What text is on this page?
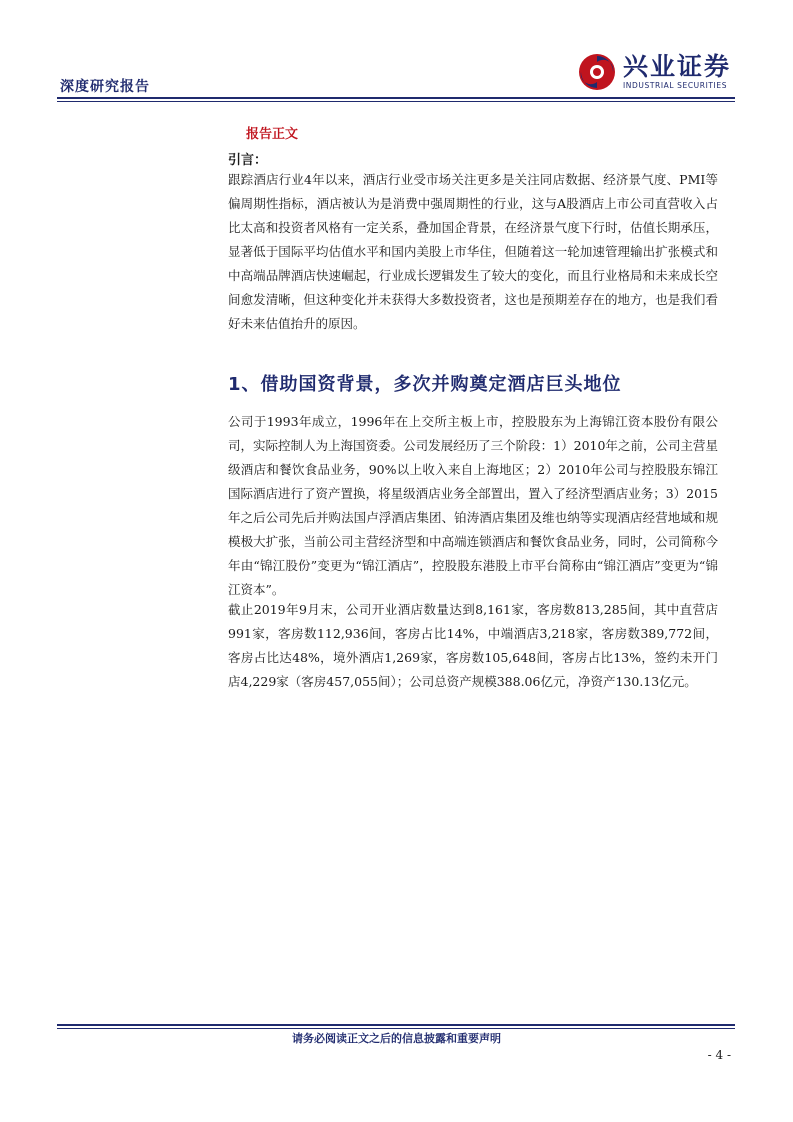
深度研究报告
兴业证券
INDUSTRIAL SECURITIES
报告正文
引言：
跟踪酒店行业4年以来，酒店行业受市场关注更多是关注同店数据、经济景气度、PMI等偏周期性指标，酒店被认为是消费中强周期性的行业，这与A股酒店上市公司直营收入占比太高和投资者风格有一定关系，叠加国企背景，在经济景气度下行时，估值长期承压，显著低于国际平均估值水平和国内美股上市华住，但随着这一轮加速管理输出扩张模式和中高端品牌酒店快速崛起，行业成长逻辑发生了较大的变化，而且行业格局和未来成长空间愈发清晰，但这种变化并未获得大多数投资者，这也是预期差存在的地方，也是我们看好未来估值抬升的原因。
1、借助国资背景，多次并购奠定酒店巨头地位
公司于1993年成立，1996年在上交所主板上市，控股股东为上海锦江资本股份有限公司，实际控制人为上海国资委。公司发展经历了三个阶段：1）2010年之前，公司主营星级酒店和餐饮食品业务，90%以上收入来自上海地区；2）2010年公司与控股股东锦江国际酒店进行了资产置换，将星级酒店业务全部置出，置入了经济型酒店业务；3）2015年之后公司先后并购法国卢浮酒店集团、铂涛酒店集团及维也纳等实现酒店经营地域和规模极大扩张，当前公司主营经济型和中高端连锁酒店和餐饮食品业务，同时，公司简称今年由“锦江股份”变更为“锦江酒店”，控股股东港股上市平台简称由“锦江酒店”变更为“锦江资本”。
截止2019年9月末，公司开业酒店数量达到8,161家，客房数813,285间，其中直营店991家，客房数112,936间，客房占比14%，中端酒店3,218家，客房数389,772间，客房占比达48%，境外酒店1,269家，客房数105,648间，客房占比13%，签约未开门店4,229家（客房457,055间）；公司总资产规模388.06亿元，净资产130.13亿元。
请务必阅读正文之后的信息披露和重要声明
- 4 -
